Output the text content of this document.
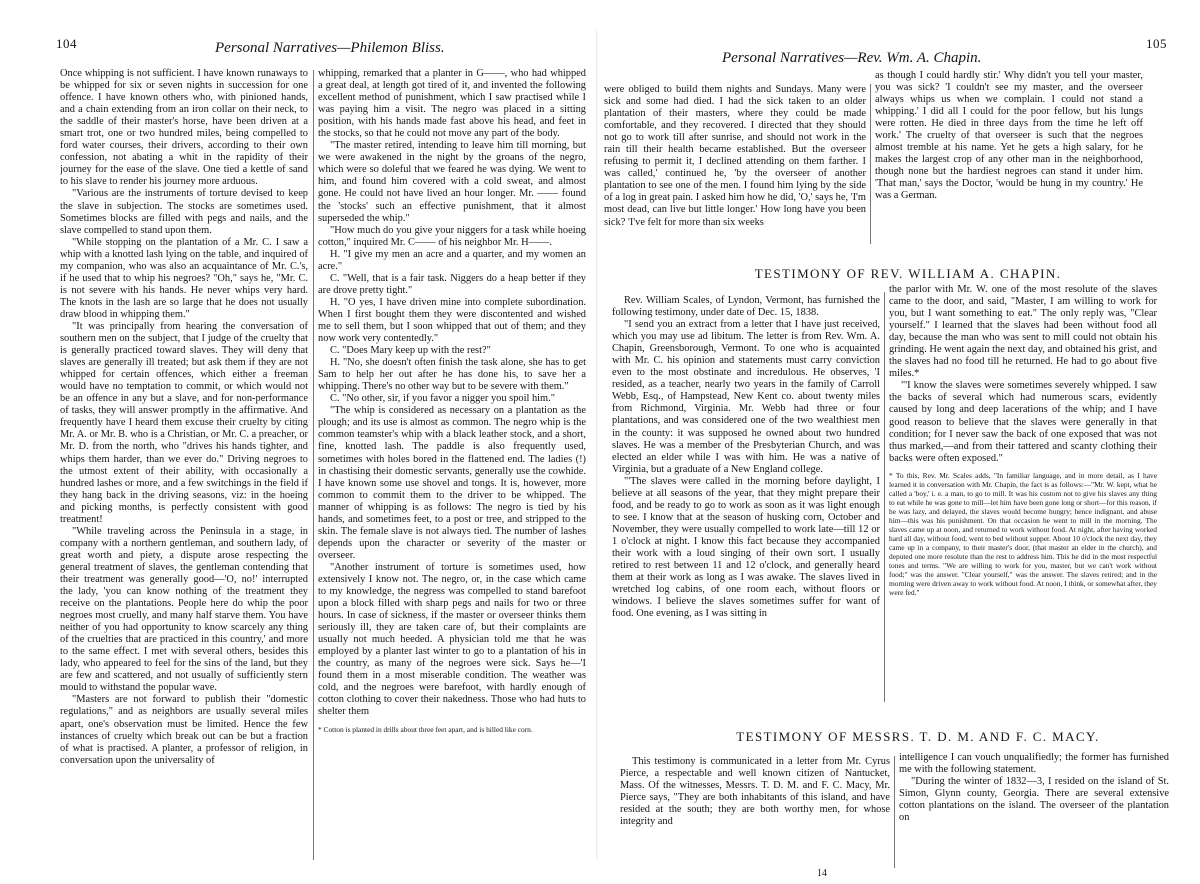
104	Personal Narratives—Philemon Bliss.

Once whipping is not sufficient. I have known runaways to be whipped for six or seven nights in succession for one offence. I have known others who, with pinioned hands, and a chain extending from an iron collar on their neck, to the saddle of their master's horse, have been driven at a smart trot, one or two hundred miles, being compelled to ford water courses, their drivers, according to their own confession, not abating a whit in the rapidity of their journey for the ease of the slave. One tied a kettle of sand to his slave to render his journey more arduous.

"Various are the instruments of torture devised to keep the slave in subjection. The stocks are sometimes used. Sometimes blocks are filled with pegs and nails, and the slave compelled to stand upon them.

"While stopping on the plantation of a Mr. C. I saw a whip with a knotted lash lying on the table, and inquired of my companion, who was also an acquaintance of Mr. C.'s, if he used that to whip his negroes? "Oh," says he, "Mr. C. is not severe with his hands. He never whips very hard. The knots in the lash are so large that he does not usually draw blood in whipping them."

"It was principally from hearing the conversation of southern men on the subject, that I judge of the cruelty that is generally practiced toward slaves. They will deny that slaves are generally ill treated; but ask them if they are not whipped for certain offences, which either a freeman would have no temptation to commit, or which would not be an offence in any but a slave, and for non-performance of tasks, they will answer promptly in the affirmative. And frequently have I heard them excuse their cruelty by citing Mr. A. or Mr. B. who is a Christian, or Mr. C. a preacher, or Mr. D. from the north, who "drives his hands tighter, and whips them harder, than we ever do." Driving negroes to the utmost extent of their ability, with occasionally a hundred lashes or more, and a few switchings in the field if they hang back in the driving seasons, viz: in the hoeing and picking months, is perfectly consistent with good treatment!

"While traveling across the Peninsula in a stage, in company with a northern gentleman, and southern lady, of great worth and piety, a dispute arose respecting the general treatment of slaves, the gentleman contending that their treatment was generally good—'O, no!' interrupted the lady, 'you can know nothing of the treatment they receive on the plantations. People here do whip the poor negroes most cruelly, and many half starve them. You have neither of you had opportunity to know scarcely any thing of the cruelties that are practiced in this country,' and more to the same effect. I met with several others, besides this lady, who appeared to feel for the sins of the land, but they are few and scattered, and not usually of sufficiently stern mould to withstand the popular wave.

"Masters are not forward to publish their "domestic regulations," and as neighbors are usually several miles apart, one's observation must be limited. Hence the few instances of cruelty which break out can be but a fraction of what is practised. A planter, a professor of religion, in conversation upon the universality of

whipping, remarked that a planter in G——, who had whipped a great deal, at length got tired of it, and invented the following excellent method of punishment, which I saw practised while I was paying him a visit. The negro was placed in a sitting position, with his hands made fast above his head, and feet in the stocks, so that he could not move any part of the body.

"The master retired, intending to leave him till morning, but we were awakened in the night by the groans of the negro, which were so doleful that we feared he was dying. We went to him, and found him covered with a cold sweat, and almost gone. He could not have lived an hour longer. Mr. —— found the 'stocks' such an effective punishment, that it almost superseded the whip."

"How much do you give your niggers for a task while hoeing cotton," inquired Mr. C—— of his neighbor Mr. H——.

H. "I give my men an acre and a quarter, and my women an acre."

C. "Well, that is a fair task. Niggers do a heap better if they are drove pretty tight."

H. "O yes, I have driven mine into complete subordination. When I first bought them they were discontented and wished me to sell them, but I soon whipped that out of them; and they now work very contentedly."

C. "Does Mary keep up with the rest?"

H. "No, she doesn't often finish the task alone, she has to get Sam to help her out after he has done his, to save her a whipping. There's no other way but to be severe with them."

C. "No other, sir, if you favor a nigger you spoil him."

"The whip is considered as necessary on a plantation as the plough; and its use is almost as common. The negro whip is the common teamster's whip with a black leather stock, and a short, fine, knotted lash. The paddle is also frequently used, sometimes with holes bored in the flattened end. The ladies (!) in chastising their domestic servants, generally use the cowhide. I have known some use shovel and tongs. It is, however, more common to commit them to the driver to be whipped. The manner of whipping is as follows: The negro is tied by his hands, and sometimes feet, to a post or tree, and stripped to the skin. The female slave is not always tied. The number of lashes depends upon the character or severity of the master or overseer.

"Another instrument of torture is sometimes used, how extensively I know not. The negro, or, in the case which came to my knowledge, the negress was compelled to stand barefoot upon a block filled with sharp pegs and nails for two or three hours. In case of sickness, if the master or overseer thinks them seriously ill, they are taken care of, but their complaints are usually not much heeded. A physician told me that he was employed by a planter last winter to go to a plantation of his in the country, as many of the negroes were sick. Says he—'I found them in a most miserable condition. The weather was cold, and the negroes were barefoot, with hardly enough of cotton clothing to cover their nakedness. Those who had huts to shelter them

* Cotton is planted in drills about three feet apart, and is hilled like corn.

Personal Narratives—Rev. Wm. A. Chapin.
105

were obliged to build them nights and Sundays. Many were sick and some had died. I had the sick taken to an older plantation of their masters, where they could be made comfortable, and they recovered. I directed that they should not go to work till after sunrise, and should not work in the rain till their health became established. But the overseer refusing to permit it, I declined attending on them farther. I was called,' continued he, 'by the overseer of another plantation to see one of the men. I found him lying by the side of a log in great pain. I asked him how he did, 'O,' says he, 'I'm most dead, can live but little longer.' How long have you been sick? 'I've felt for more than six weeks

as though I could hardly stir.' Why didn't you tell your master, you was sick? 'I couldn't see my master, and the overseer always whips us when we complain. I could not stand a whipping.' I did all I could for the poor fellow, but his lungs were rotten. He died in three days from the time he left off work.' The cruelty of that overseer is such that the negroes almost tremble at his name. Yet he gets a high salary, for he makes the largest crop of any other man in the neighborhood, though none but the hardiest negroes can stand it under him. 'That man,' says the Doctor, 'would be hung in my country.' He was a German.

TESTIMONY OF REV. WILLIAM A. CHAPIN.

Rev. William Scales, of Lyndon, Vermont, has furnished the following testimony, under date of Dec. 15, 1838.

"I send you an extract from a letter that I have just received, which you may use ad libitum. The letter is from Rev. Wm. A. Chapin, Greensborough, Vermont. To one who is acquainted with Mr. C. his opinion and statements must carry conviction even to the most obstinate and incredulous. He observes, 'I resided, as a teacher, nearly two years in the family of Carroll Webb, Esq., of Hampstead, New Kent co. about twenty miles from Richmond, Virginia. Mr. Webb had three or four plantations, and was considered one of the two wealthiest men in the county: it was supposed he owned about two hundred slaves. He was a member of the Presbyterian Church, and was elected an elder while I was with him. He was a native of Virginia, but a graduate of a New England college.

"'The slaves were called in the morning before daylight, I believe at all seasons of the year, that they might prepare their food, and be ready to go to work as soon as it was light enough to see. I know that at the season of husking corn, October and November, they were usually compelled to work late—till 12 or 1 o'clock at night. I know this fact because they accompanied their work with a loud singing of their own sort. I usually retired to rest between 11 and 12 o'clock, and generally heard them at their work as long as I was awake. The slaves lived in wretched log cabins, of one room each, without floors or windows. I believe the slaves sometimes suffer for want of food. One evening, as I was sitting in

the parlor with Mr. W. one of the most resolute of the slaves came to the door, and said, "Master, I am willing to work for you, but I want something to eat." The only reply was, "Clear yourself." I learned that the slaves had been without food all day, because the man who was sent to mill could not obtain his grinding. He went again the next day, and obtained his grist, and the slaves had no food till he returned. He had to go about five miles.*

"'I know the slaves were sometimes severely whipped. I saw the backs of several which had numerous scars, evidently caused by long and deep lacerations of the whip; and I have good reason to believe that the slaves were generally in that condition; for I never saw the back of one exposed that was not thus marked,—and from their tattered and scanty clothing their backs were often exposed."

* To this, Rev. Mr. Scales adds, "In familiar language, and in more detail, as I have learned it in conversation with Mr. Chapin, the fact is as follows:—"Mr. W. kept, what he called a 'boy,' i. e. a man, to go to mill. It was his custom not to give his slaves any thing to eat while he was gone to mill—let him have been gone long or short—for this reason, if he was lazy, and delayed, the slaves would become hungry; hence indignant, and abuse him—this was his punishment. On that occasion he went to mill in the morning. The slaves came up at noon, and returned to work without food. At night, after having worked hard all day, without food, went to bed without supper. About 10 o'clock the next day, they came up in a company, to their master's door, (that master an elder in the church), and deputed one more resolute than the rest to address him. This he did in the most respectful tones and terms. "We are willing to work for you, master, but we can't work without food;" was the answer. "Clear yourself," was the answer. The slaves retired; and in the morning were driven away to work without food. At noon, I think, or somewhat after, they were fed."

TESTIMONY OF MESSRS. T. D. M. AND F. C. MACY.

This testimony is communicated in a letter from Mr. Cyrus Pierce, a respectable and well known citizen of Nantucket, Mass. Of the witnesses, Messrs. T. D. M. and F. C. Macy, Mr. Pierce says, "They are both inhabitants of this island, and have resided at the south; they are both worthy men, for whose integrity and

intelligence I can vouch unqualifiedly; the former has furnished me with the following statement.

"During the winter of 1832—3, I resided on the island of St. Simon, Glynn county, Georgia. There are several extensive cotton plantations on the island. The overseer of the plantation on

14
